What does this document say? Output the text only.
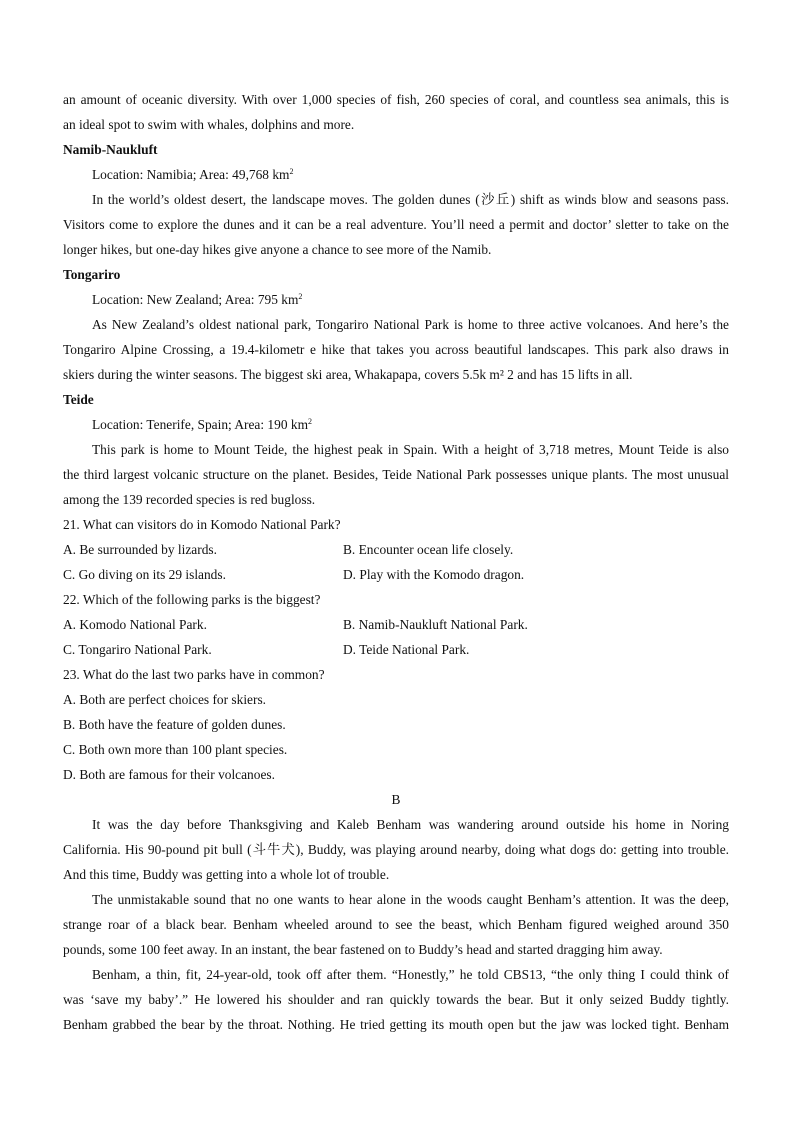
an amount of oceanic diversity. With over 1,000 species of fish, 260 species of coral, and countless sea animals, this is
an ideal spot to swim with whales, dolphins and more.
Namib-Naukluft
Location: Namibia; Area: 49,768 $km^2$
In the world’s oldest desert, the landscape moves. The golden dunes (沙丘) shift as winds blow and seasons pass.
Visitors come to explore the dunes and it can be a real adventure. You’ll need a permit and doctor’ sletter to take on the
longer hikes, but one-day hikes give anyone a chance to see more of the Namib.
Tongariro
Location: New Zealand; Area: 795 $km^2$
As New Zealand’s oldest national park, Tongariro National Park is home to three active volcanoes. And here’s the
Tongariro Alpine Crossing, a 19.4-kilometr e hike that takes you across beautiful landscapes. This park also draws in
skiers during the winter seasons. The biggest ski area, Whakapapa, covers 5.5k m² 2 and has 15 lifts in all.
Teide
Location: Tenerife, Spain; Area: 190 $km^2$
This park is home to Mount Teide, the highest peak in Spain. With a height of 3,718 metres, Mount Teide is also
the third largest volcanic structure on the planet. Besides, Teide National Park possesses unique plants. The most unusual
among the 139 recorded species is red bugloss.
21. What can visitors do in Komodo National Park?
A. Be surrounded by lizards.	B. Encounter ocean life closely.
C. Go diving on its 29 islands.	D. Play with the Komodo dragon.
22. Which of the following parks is the biggest?
A. Komodo National Park.	B. Namib-Naukluft National Park.
C. Tongariro National Park.	D. Teide National Park.
23. What do the last two parks have in common?
A. Both are perfect choices for skiers.
B. Both have the feature of golden dunes.
C. Both own more than 100 plant species.
D. Both are famous for their volcanoes.
B
It was the day before Thanksgiving and Kaleb Benham was wandering around outside his home in Noring
California. His 90-pound pit bull (斗牛犬), Buddy, was playing around nearby, doing what dogs do: getting into trouble.
And this time, Buddy was getting into a whole lot of trouble.
The unmistakable sound that no one wants to hear alone in the woods caught Benham’s attention. It was the deep,
strange roar of a black bear. Benham wheeled around to see the beast, which Benham figured weighed around 350
pounds, some 100 feet away. In an instant, the bear fastened on to Buddy’s head and started dragging him away.
Benham, a thin, fit, 24-year-old, took off after them. “Honestly,” he told CBS13, “the only thing I could think of
was ‘save my baby’.” He lowered his shoulder and ran quickly towards the bear. But it only seized Buddy tightly.
Benham grabbed the bear by the throat. Nothing. He tried getting its mouth open but the jaw was locked tight. Benham
